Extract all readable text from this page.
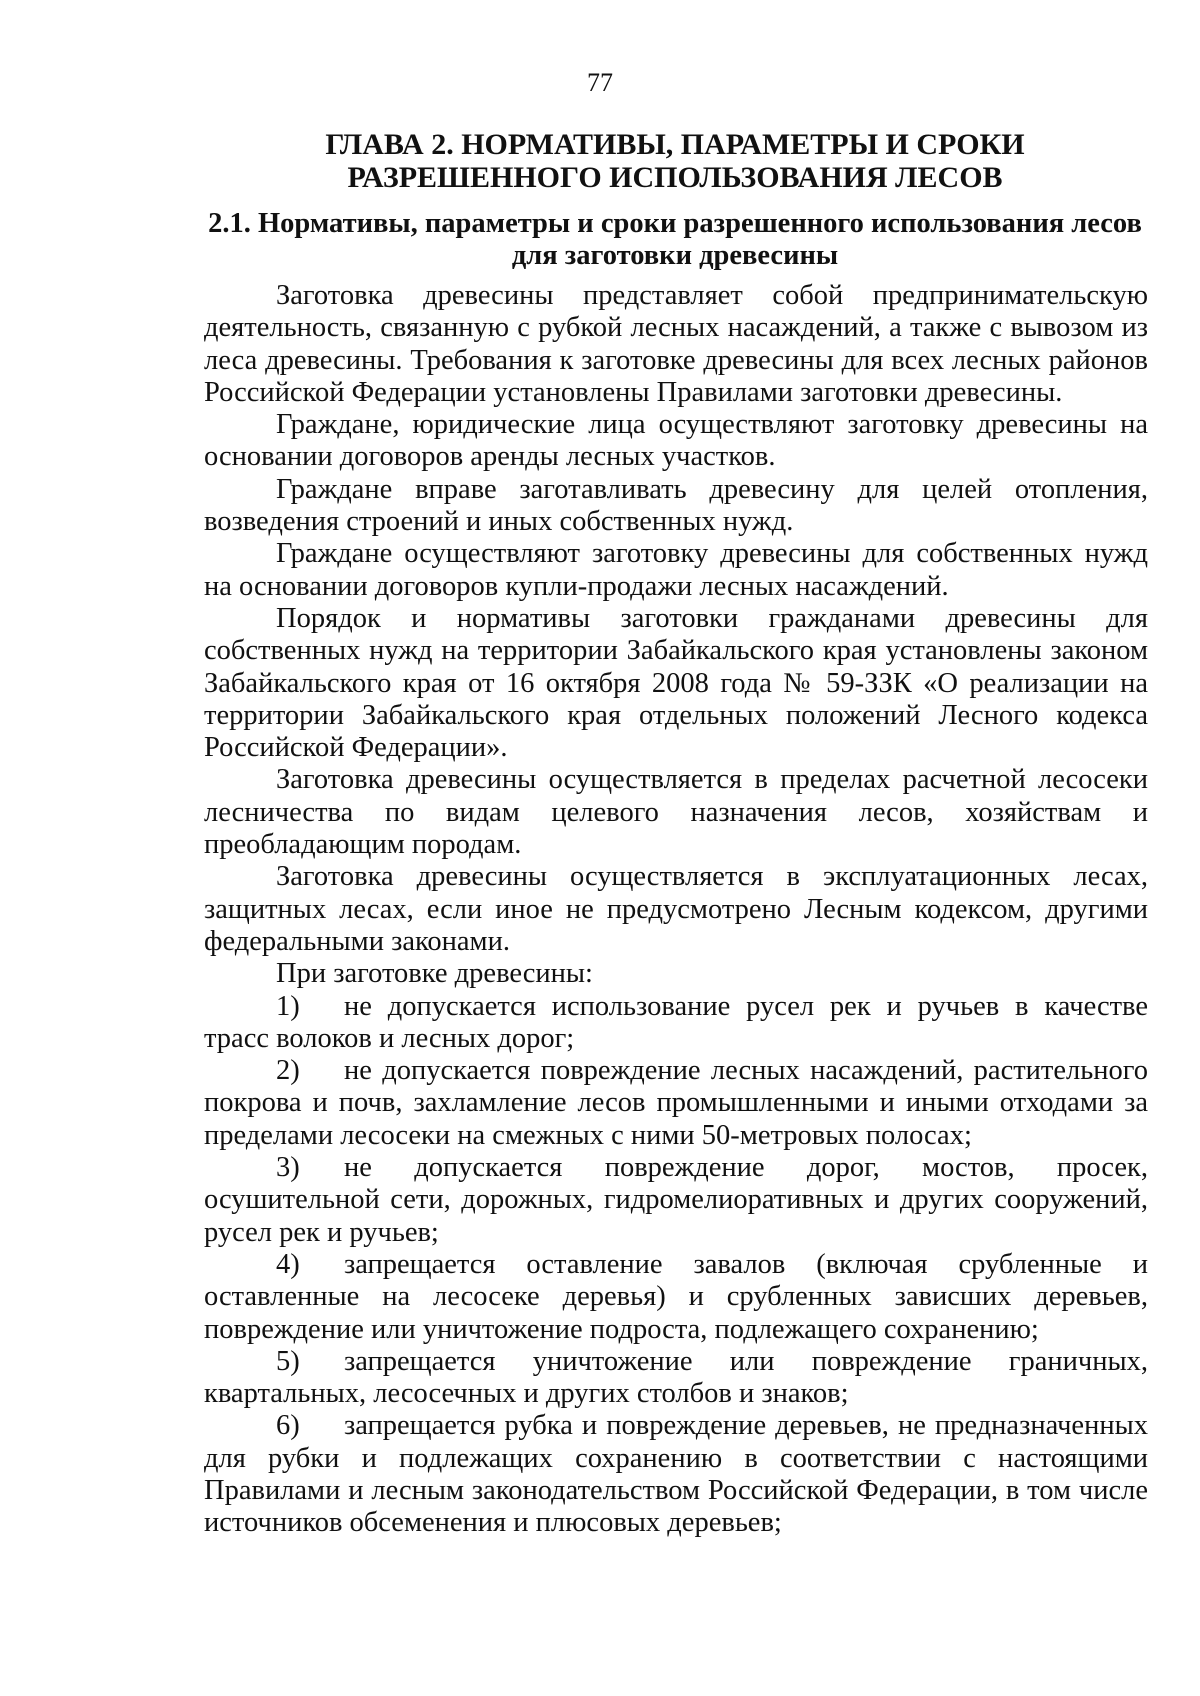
77
ГЛАВА 2. НОРМАТИВЫ, ПАРАМЕТРЫ И СРОКИ РАЗРЕШЕННОГО ИСПОЛЬЗОВАНИЯ ЛЕСОВ
2.1. Нормативы, параметры и сроки разрешенного использования лесов для заготовки древесины

Заготовка древесины представляет собой предпринимательскую деятельность, связанную с рубкой лесных насаждений, а также с вывозом из леса древесины. Требования к заготовке древесины для всех лесных районов Российской Федерации установлены Правилами заготовки древесины.

Граждане, юридические лица осуществляют заготовку древесины на основании договоров аренды лесных участков.

Граждане вправе заготавливать древесину для целей отопления, возведения строений и иных собственных нужд.

Граждане осуществляют заготовку древесины для собственных нужд на основании договоров купли-продажи лесных насаждений.

Порядок и нормативы заготовки гражданами древесины для собственных нужд на территории Забайкальского края установлены законом Забайкальского края от 16 октября 2008 года № 59-ЗЗК «О реализации на территории Забайкальского края отдельных положений Лесного кодекса Российской Федерации».

Заготовка древесины осуществляется в пределах расчетной лесосеки лесничества по видам целевого назначения лесов, хозяйствам и преобладающим породам.

Заготовка древесины осуществляется в эксплуатационных лесах, защитных лесах, если иное не предусмотрено Лесным кодексом, другими федеральными законами.

При заготовке древесины:

1) не допускается использование русел рек и ручьев в качестве трасс волоков и лесных дорог;

2) не допускается повреждение лесных насаждений, растительного покрова и почв, захламление лесов промышленными и иными отходами за пределами лесосеки на смежных с ними 50-метровых полосах;

3) не допускается повреждение дорог, мостов, просек, осушительной сети, дорожных, гидромелиоративных и других сооружений, русел рек и ручьев;

4) запрещается оставление завалов (включая срубленные и оставленные на лесосеке деревья) и срубленных зависших деревьев, повреждение или уничтожение подроста, подлежащего сохранению;

5) запрещается уничтожение или повреждение граничных, квартальных, лесосечных и других столбов и знаков;

6) запрещается рубка и повреждение деревьев, не предназначенных для рубки и подлежащих сохранению в соответствии с настоящими Правилами и лесным законодательством Российской Федерации, в том числе источников обсеменения и плюсовых деревьев;
